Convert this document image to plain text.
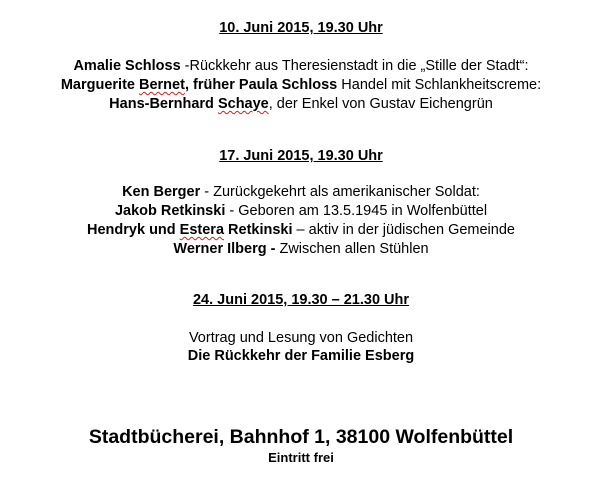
10. Juni 2015, 19.30 Uhr
Amalie Schloss -Rückkehr aus Theresienstadt in die „Stille der Stadt“:
Marguerite Bernet, früher Paula Schloss Handel mit Schlankheitscreme:
Hans-Bernhard Schaye, der Enkel von Gustav Eichengrün
17. Juni 2015, 19.30 Uhr
Ken Berger - Zurückgekehrt als amerikanischer Soldat:
Jakob Retkinski - Geboren am 13.5.1945 in Wolfenbüttel
Hendryk und Estera Retkinski – aktiv in der jüdischen Gemeinde
Werner Ilberg - Zwischen allen Stühlen
24. Juni 2015, 19.30 – 21.30 Uhr
Vortrag und Lesung von Gedichten
Die Rückkehr der Familie Esberg
Stadtbücherei, Bahnhof 1, 38100 Wolfenbüttel
Eintritt frei
